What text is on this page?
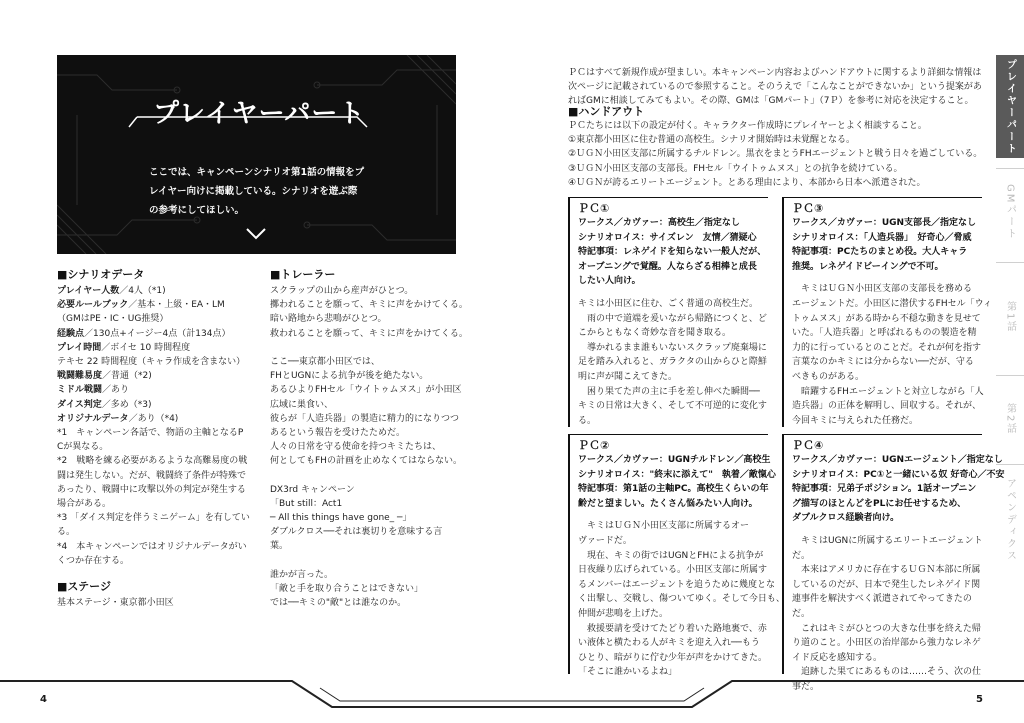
プレイヤーパート
ここでは、キャンペーンシナリオ第1話の情報をプ
レイヤー向けに掲載している。シナリオを遊ぶ際
の参考にしてほしい。
■シナリオデータ
プレイヤー人数／4人（*1)
必要ルールブック／基本・上級・EA・LM
（GMはPE・IC・UG推奨）
経験点／130点+イージー4点（計134点）
プレイ時間／ボイセ 10 時間程度
テキセ 22 時間程度（キャラ作成を含まない）
戦闘難易度／普通（*2)
ミドル戦闘／あり
ダイス判定／多め（*3)
オリジナルデータ／あり（*4)
*1　キャンペーン各話で、物語の主軸となるP
Cが異なる。
*2　戦略を練る必要があるような高難易度の戦
闘は発生しない。だが、戦闘終了条件が特殊で
あったり、戦闘中に攻撃以外の判定が発生する
場合がある。
*3 「ダイス判定を伴うミニゲーム」を有してい
る。
*4　本キャンペーンではオリジナルデータがい
くつか存在する。
■ステージ
基本ステージ・東京都小田区
■トレーラー
スクラップの山から産声がひとつ。
擲われることを願って、キミに声をかけてくる。
暗い路地から悲鳴がひとつ。
救われることを願って、キミに声をかけてくる。
ここ──東京都小田区では、
FHとUGNによる抗争が後を絶たない。
あるひよりFHセル「ウイトゥムヌス」が小田区
広域に巣食い、
彼らが「人造兵器」の製造に精力的になりつつ
あるという報告を受けたためだ。
人々の日常を守る使命を持つキミたちは、
何としてもFHの計画を止めなくてはならない。
DX3rd キャンペーン
「But still：Act1
─ All this things have gone_ ─」
ダブルクロス──それは裏切りを意味する言
葉。
誰かが言った。
「敵と手を取り合うことはできない」
では──キミの"敵"とは誰なのか。
ＰＣはすべて新規作成が望ましい。本キャンペーン内容およびハンドアウトに関するより詳細な情報は
次ページに記載されているので参照すること。そのうえで「こんなことができないか」という提案があ
ればGMに相談してみてもよい。その際、GMは「GMパート」（7Ｐ）を参考に対応を決定すること。
■ハンドアウト
ＰＣたちには以下の設定が付く。キャラクター作成時にプレイヤーとよく相談すること。
①東京都小田区に住む普通の高校生。シナリオ開始時は未覚醒となる。
②ＵＧＮ小田区支部に所属するチルドレン。黒衣をまとうFHエージェントと戦う日々を過ごしている。
③ＵＧＮ小田区支部の支部長。FHセル「ウイトゥムヌス」との抗争を続けている。
④ＵＧＮが誇るエリートエージェント。とある理由により、本部から日本へ派遣された。
ＰＣ①
ワークス／カヴァー：高校生／指定なし
シナリオロイス：サイズレン　友情／猜疑心
特記事項：レネゲイドを知らない一般人だが、
オーブニングで覚醒。人ならざる相棒と成長
したい人向け。
キミは小田区に住む、ごく普通の高校生だ。
　雨の中で道端を爰いながら帰路につくと、ど
こからともなく奇妙な音を聞き取る。
　導かれるまま誰もいないスクラップ廃棄場に
足を踏み入れると、ガラクタの山からひと際鮮
明に声が聞こえてきた。
　困り果てた声の主に手を差し伸べた瞬間──
キミの日常は大きく、そして不可逆的に変化す
る。
ＰＣ③
ワークス／カヴァー：UGN支部長／指定なし
シナリオロイス：「人造兵器」　好奇心／脅威
特記事項：PCたちのまとめ役。大人キャラ
推奨。レネゲイドビーイングで不可。
　キミはＵＧＮ小田区支部の支部長を務める
エージェントだ。小田区に潜伏するFHセル「ウィ
トゥムヌス」がある時から不穏な動きを見せて
いた。「人造兵器」と呼ばれるものの製造を精
力的に行っているとのことだ。それが何を指す
言葉なのかキミには分からない──だが、守る
べきものがある。
　暗躍するFHエージェントと対立しながら「人
造兵器」の正体を解明し、回収する。それが、
今回キミに与えられた任務だ。
ＰＣ②
ワークス／カヴァー：UGNチルドレン／高校生
シナリオロイス："終末に添えて"　執着／敵愾心
特記事項：第1話の主軸PC。高校生くらいの年
齢だと望ましい。たくさん悩みたい人向け。
　キミはＵＧＮ小田区支部に所属するオー
ヴァードだ。
　現在、キミの街ではUGNとFHによる抗争が
日夜繰り広げられている。小田区支部に所属す
るメンバーはエージェントを追うために幾度とな
く出撃し、交戦し、傷ついてゆく。そして今日も、
仲間が悲鳴を上げた。
　救援要請を受けてたどり着いた路地裏で、赤
い液体と横たわる人がキミを迎え入れ──もう
ひとり、暗がりに佇む少年が声をかけてきた。
「そこに誰かいるよね」
ＰＣ④
ワークス／カヴァー：UGNエージェント／指定なし
シナリオロイス：PC①と一緒にいる奴 好奇心／不安
特記事項：兄弟子ポジション。1話オープニン
グ描写のほとんどをPLにお任せするため、
ダブルクロス経験者向け。
　キミはUGNに所属するエリートエージェント
だ。
　本来はアメリカに存在するＵＧＮ本部に所属
しているのだが、日本で発生したレネゲイド関
連事件を解決すべく派遣されてやってきたの
だ。
　これはキミがひとつの大きな仕事を終えた帰
り道のこと。小田区の治岸部から強力なレネゲ
イド反応を感知する。
　追跡した果てにあるものは……そう、次の仕
事だ。
プレイヤーパート
GMパート
第1話
第2話
アペンディクス
4	5
